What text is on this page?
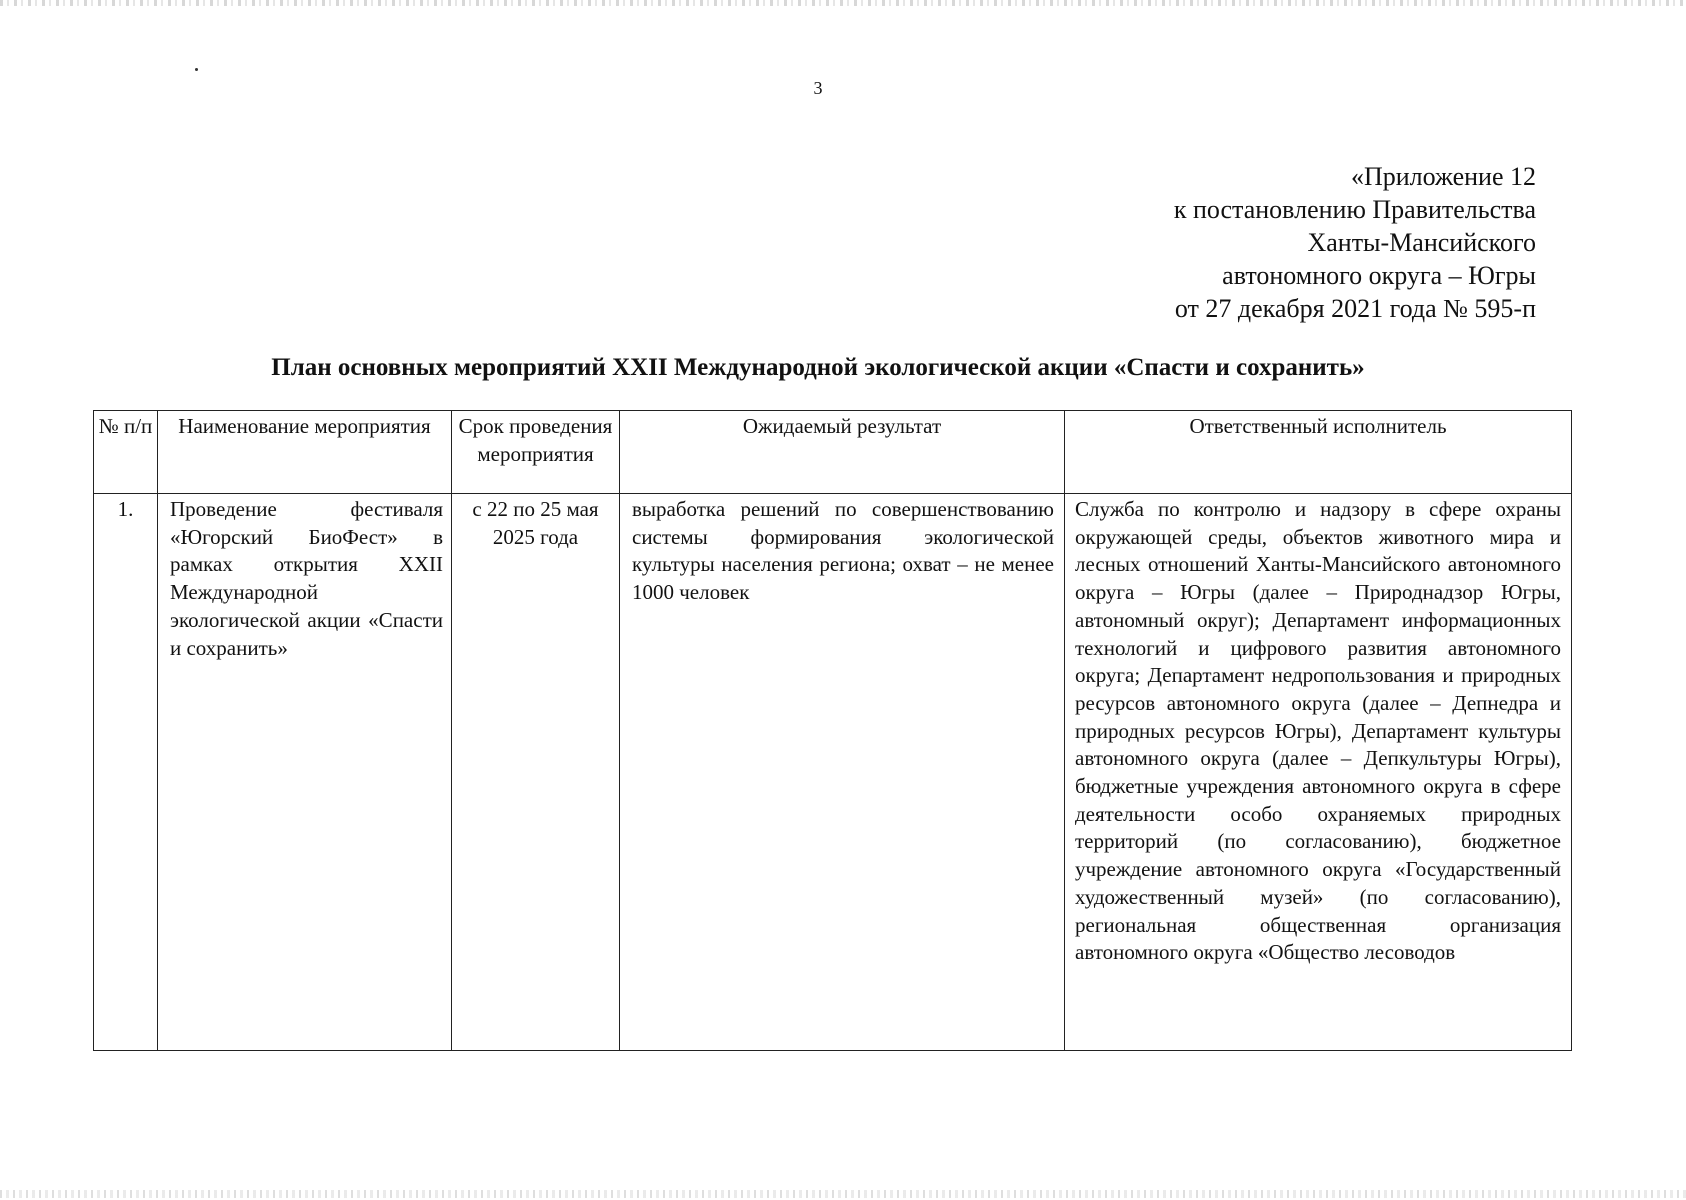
3
«Приложение 12
к постановлению Правительства
Ханты-Мансийского
автономного округа – Югры
от 27 декабря 2021 года № 595-п
План основных мероприятий XXII Международной экологической акции «Спасти и сохранить»
№ п/п	Наименование мероприятия	Срок проведения мероприятия	Ожидаемый результат	Ответственный исполнитель
1.	Проведение фестиваля «Югорский БиоФест» в рамках открытия XXII Международной экологической акции «Спасти и сохранить»	с 22 по 25 мая 2025 года	выработка решений по совершенствованию системы формирования экологической культуры населения региона; охват – не менее 1000 человек	Служба по контролю и надзору в сфере охраны окружающей среды, объектов животного мира и лесных отношений Ханты-Мансийского автономного округа – Югры (далее – Природнадзор Югры, автономный округ); Департамент информационных технологий и цифрового развития автономного округа; Департамент недропользования и природных ресурсов автономного округа (далее – Депнедра и природных ресурсов Югры), Департамент культуры автономного округа (далее – Депкультуры Югры), бюджетные учреждения автономного округа в сфере деятельности особо охраняемых природных территорий (по согласованию), бюджетное учреждение автономного округа «Государственный художественный музей» (по согласованию), региональная общественная организация автономного округа «Общество лесоводов
